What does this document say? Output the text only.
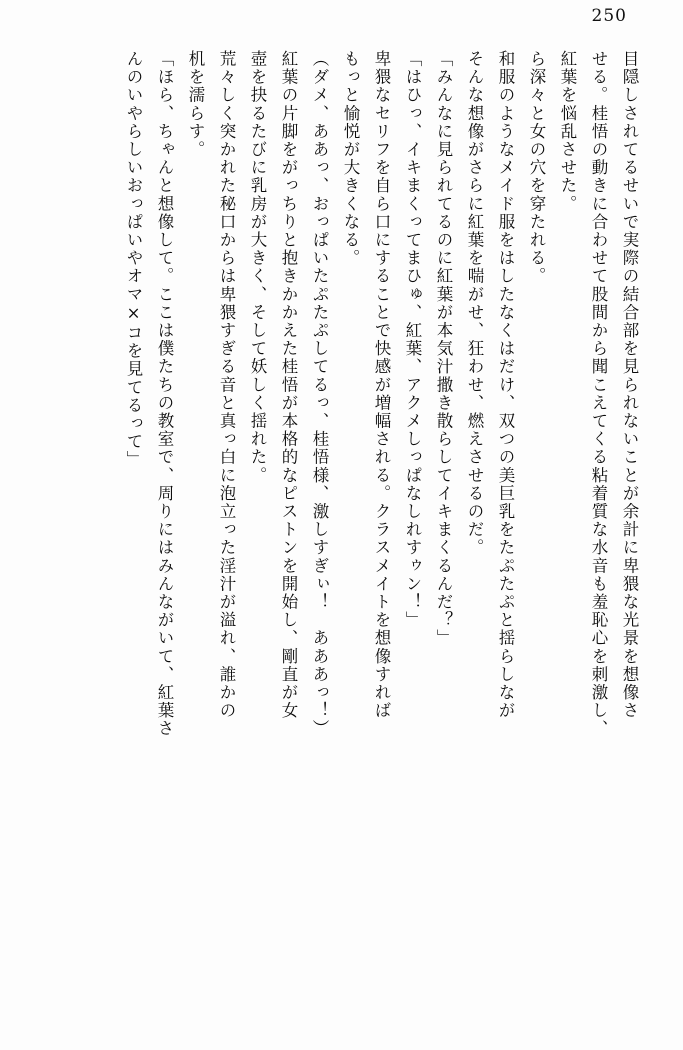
250
目隠しされてるせいで実際の結合部を見られないことが余計に卑猥な光景を想像さ
せる。桂悟の動きに合わせて股間から聞こえてくる粘着質な水音も羞恥心を刺激し、
紅葉を悩乱させた。
ら深々と女の穴を穿たれる。
和服のようなメイド服をはしたなくはだけ、双つの美巨乳をたぷたぷと揺らしなが
そんな想像がさらに紅葉を喘がせ、狂わせ、燃えさせるのだ。
「みんなに見られてるのに紅葉が本気汁撒き散らしてイキまくるんだ？」
「はひっ、イキまくってまひゅ、紅葉、アクメしっぱなしれすゥン！」
卑猥なセリフを自ら口にすることで快感が増幅される。クラスメイトを想像すれば
もっと愉悦が大きくなる。
（ダメ、ああっ、おっぱいたぷたぷしてるっ、桂悟様、激しすぎぃ！　あああっ！）
紅葉の片脚をがっちりと抱きかかえた桂悟が本格的なピストンを開始し、剛直が女
壺を抉るたびに乳房が大きく、そして妖しく揺れた。
荒々しく突かれた秘口からは卑猥すぎる音と真っ白に泡立った淫汁が溢れ、誰かの
机を濡らす。
「ほら、ちゃんと想像して。ここは僕たちの教室で、周りにはみんながいて、紅葉さ
んのいやらしいおっぱいやオマ×コを見てるって」
